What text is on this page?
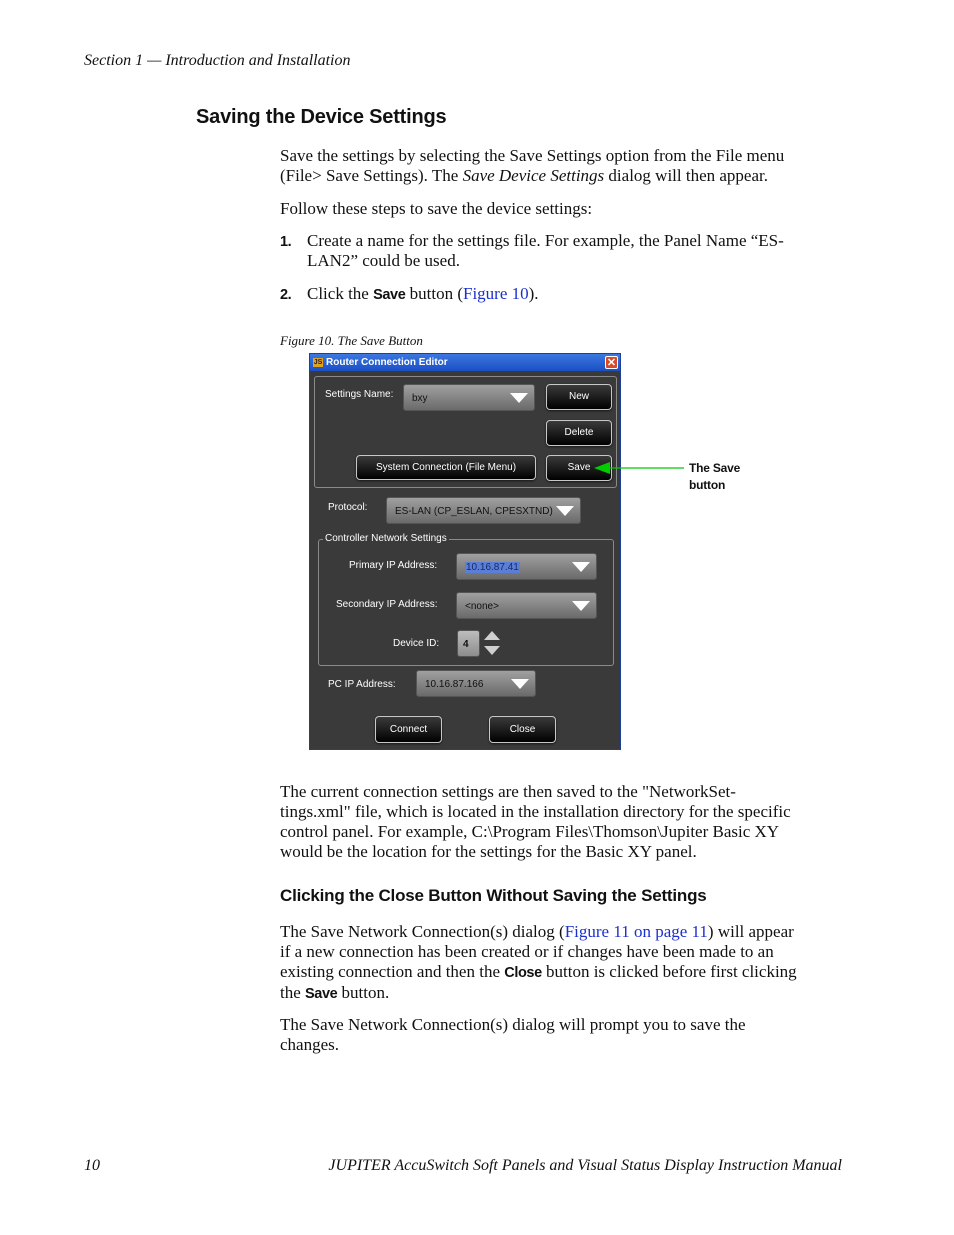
Section 1 — Introduction and Installation
Saving the Device Settings
Save the settings by selecting the Save Settings option from the File menu
(File> Save Settings). The Save Device Settings dialog will then appear.
Follow these steps to save the device settings:
1. Create a name for the settings file. For example, the Panel Name “ES-
LAN2” could be used.
2. Click the Save button (Figure 10).
Figure 10. The Save Button
JS Router Connection Editor	✕
Settings Name: bxy	New
Delete
System Connection (File Menu)	Save
Protocol:	ES-LAN (CP_ESLAN, CPESXTND)
Controller Network Settings
Primary IP Address:	10.16.87.41
Secondary IP Address:	<none>
Device ID: 4
PC IP Address:	10.16.87.166
Connect	Close
The Save
button
The current connection settings are then saved to the "NetworkSet-
tings.xml" file, which is located in the installation directory for the specific
control panel. For example, C:\Program Files\Thomson\Jupiter Basic XY
would be the location for the settings for the Basic XY panel.
Clicking the Close Button Without Saving the Settings
The Save Network Connection(s) dialog (Figure 11 on page 11) will appear
if a new connection has been created or if changes have been made to an
existing connection and then the Close button is clicked before first clicking
the Save button.
The Save Network Connection(s) dialog will prompt you to save the
changes.
10	JUPITER AccuSwitch Soft Panels and Visual Status Display Instruction Manual
